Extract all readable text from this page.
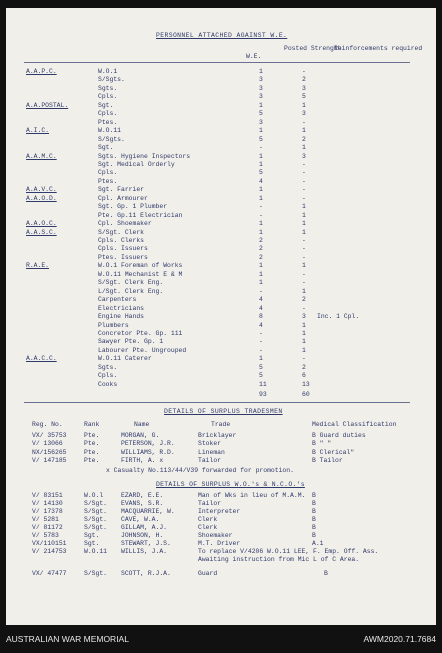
PERSONNEL ATTACHED AGAINST W.E.
Posted Strength
Reinforcements required
W.E.
A.A.P.C.	W.O.1	1	-
S/Sgts.	3	2
Sgts.	3	3
Cpls.	3	5
A.A.POSTAL.	Sgt.	1	1
Cpls.	5	3
Ptes.	3	-
A.I.C.	W.O.11	1	1
S/Sgts.	5	2
Sgt.	-	1
A.A.M.C.	Sgts. Hygiene Inspectors	1	3
Sgt. Medical Orderly	1	-
Cpls.	5	-
Ptes.	4	-
A.A.V.C.	Sgt. Farrier	1	-
A.A.O.D.	Cpl. Armourer	1	-
Sgt. Gp. 1 Plumber	-	1
Pte. Gp.11 Electrician	-	1
A.A.O.C.	Cpl. Shoemaker	1	1
A.A.S.C.	S/Sgt. Clerk	1	1
Cpls. Clerks	2	-
Cpls. Issuers	2	-
Ptes. Issuers	2	-
R.A.E.	W.O.1 Foreman of Works	1	1
W.O.11 Mechanist E & M	1	-
S/Sgt. Clerk Eng.	1	-
L/Sgt. Clerk Eng.	-	1
Carpenters	4	2
Electricians	4	-
Engine Hands	8	3 Inc. 1 Cpl.
Plumbers	4	1
Concretor Pte. Gp. 111	-	1
Sawyer Pte. Gp. 1	-	1
Labourer Pte. Ungrouped	-	1
A.A.C.C.	W.O.11 Caterer	1	-
Sgts.	5	2
Cpls.	5	6
Cooks	11	13
93	60
DETAILS OF SURPLUS TRADESMEN
Reg. No.	Rank	Name	Trade	Medical Classification
VX/ 35753	Pte.	MORGAN, G.	Bricklayer	B Guard duties
V/ 13066	Pte.	PETERSON, J.R.	Stoker	B " "
NX/156265	Pte.	WILLIAMS, R.D.	Lineman	B Clerical"
V/ 147185	Pte.	FIRTH, A. x	Tailor	B Tailor
x Casualty No.113/44/V39 forwarded for promotion.
DETAILS OF SURPLUS W.O.'s & N.C.O.'s
V/ 83151	W.O.l	EZARD, E.E.	Man of Wks in lieu of M.A.M. B
V/ 14130	S/Sgt. EVANS, S.R.	Tailor	B
V/ 17378	S/Sgt. MACQUARRIE, W.	Interpreter	B
V/ 5281	S/Sgt. CAVE, W.A.	Clerk	B
V/ 81172	S/Sgt. GILLAM, A.J.	Clerk	B
V/ 5783	Sgt.	JOHNSON, H.	Shoemaker	B
VX/110151	Sgt.	STEWART, J.S.	M.T. Driver	A.1
V/ 214753	W.O.11 WILLIS, J.A.	To replace V/4206 W.O.11 LEE, F. Emp. Off. Ass.
Awaiting instruction from Mic L of C Area.
VX/ 47477	S/Sgt. SCOTT, R.J.A.	Guard	B
AUSTRALIAN WAR MEMORIAL	AWM2020.71.7684
